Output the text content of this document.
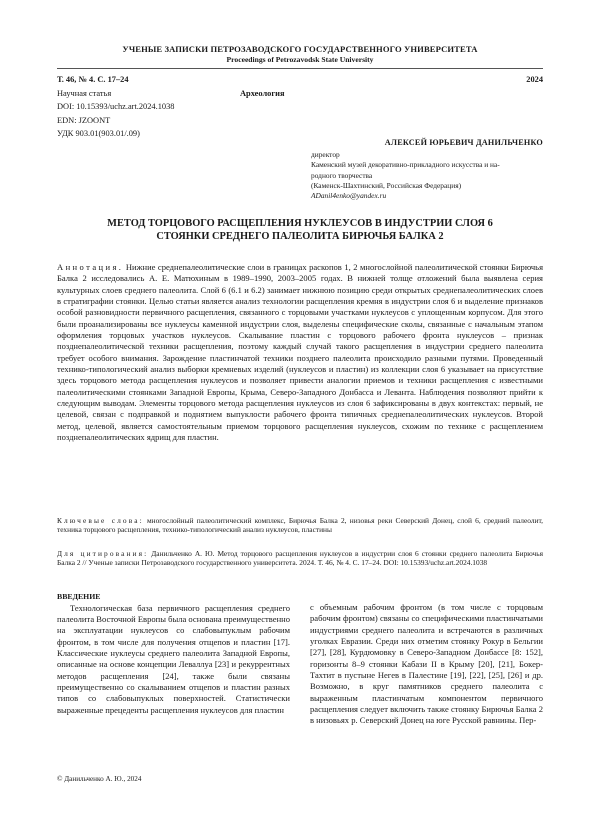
УЧЕНЫЕ ЗАПИСКИ ПЕТРОЗАВОДСКОГО ГОСУДАРСТВЕННОГО УНИВЕРСИТЕТА
Proceedings of Petrozavodsk State University
Т. 46, № 4. С. 17–24	2024
Научная статья	Археология
DOI: 10.15393/uchz.art.2024.1038
EDN: JZOONT
УДК 903.01(903.01/.09)
АЛЕКСЕЙ ЮРЬЕВИЧ ДАНИЛЬЧЕНКО
директор
Каменский музей декоративно-прикладного искусства и на-
родного творчества
(Каменск-Шахтинский, Российская Федерация)
ADanil4enko@yandex.ru
МЕТОД ТОРЦОВОГО РАСЩЕПЛЕНИЯ НУКЛЕУСОВ В ИНДУСТРИИ СЛОЯ 6
СТОЯНКИ СРЕДНЕГО ПАЛЕОЛИТА БИРЮЧЬЯ БАЛКА 2
Аннотация. Нижние среднепалеолитические слои в границах раскопов 1, 2 многослойной палеолитической стоянки Бирючья Балка 2 исследовались А. Е. Матюхиным в 1989–1990, 2003–2005 годах. В нижней толще отложений была выявлена серия культурных слоев среднего палеолита. Слой 6 (6.1 и 6.2) занимает нижнюю позицию среди открытых среднепалеолитических слоев в стратиграфии стоянки. Целью статьи является анализ технологии расщепления кремня в индустрии слоя 6 и выделение признаков особой разновидности первичного расщепления, связанного с торцовыми участками нуклеусов с уплощенным корпусом. Для этого были проанализированы все нуклеусы каменной индустрии слоя, выделены специфические сколы, связанные с начальным этапом оформления торцовых участков нуклеусов. Скалывание пластин с торцового рабочего фронта нуклеусов – признак позднепалеолитической техники расщепления, поэтому каждый случай такого расщепления в индустрии среднего палеолита требует особого внимания. Зарождение пластинчатой техники позднего палеолита происходило разными путями. Проведенный технико-типологический анализ выборки кремневых изделий (нуклеусов и пластин) из коллекции слоя 6 указывает на присутствие здесь торцового метода расщепления нуклеусов и позволяет привести аналогии приемов и техники расщепления с известными палеолитическими стоянками Западной Европы, Крыма, Северо-Западного Донбасса и Леванта. Наблюдения позволяют прийти к следующим выводам. Элементы торцового метода расщепления нуклеусов из слоя 6 зафиксированы в двух контекстах: первый, не целевой, связан с подправкой и поднятием выпуклости рабочего фронта типичных среднепалеолитических нуклеусов. Второй метод, целевой, является самостоятельным приемом торцового расщепления нуклеусов, схожим по технике с расщеплением позднепалеолитических ядрищ для пластин.
Ключевые слова: многослойный палеолитический комплекс, Бирючья Балка 2, низовья реки Северский Донец, слой 6, средний палеолит, техника торцового расщепления, технико-типологический анализ нуклеусов, пластины
Для цитирования: Данильченко А. Ю. Метод торцового расщепления нуклеусов в индустрии слоя 6 стоянки среднего палеолита Бирючья Балка 2 // Ученые записки Петрозаводского государственного университета. 2024. Т. 46, № 4. С. 17–24. DOI: 10.15393/uchz.art.2024.1038
ВВЕДЕНИЕ

Технологическая база первичного расщепления среднего палеолита Восточной Европы была основана преимущественно на эксплуатации нуклеусов со слабовыпуклым рабочим фронтом, в том числе для получения отщепов и пластин [17]. Классические нуклеусы среднего палеолита Западной Европы, описанные на основе концепции Леваллуа [23] и рекуррентных методов расщепления [24], также были связаны преимущественно со скалыванием отщепов и пластин разных типов со слабовыпуклых поверхностей. Статистически выраженные прецеденты расщепления нуклеусов для пластин

с объемным рабочим фронтом (в том числе с торцовым рабочим фронтом) связаны со специфическими пластинчатыми индустриями среднего палеолита и встречаются в различных уголках Евразии. Среди них отметим стоянку Рокур в Бельгии [27], [28], Курдюмовку в Северо-Западном Донбассе [8: 152], горизонты 8–9 стоянки Кабази II в Крыму [20], [21], Бокер-Тахтит в пустыне Негев в Палестине [19], [22], [25], [26] и др. Возможно, в круг памятников среднего палеолита с выраженным пластинчатым компонентом первичного расщепления следует включить также стоянку Бирючья Балка 2 в низовьях р. Северский Донец на юге Русской равнины. Пер-

© Данильченко А. Ю., 2024
